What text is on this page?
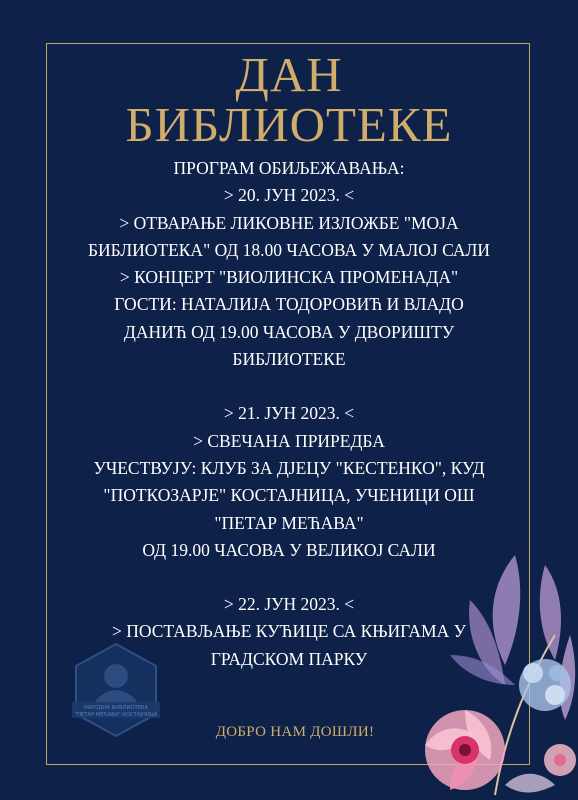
ДАН
БИБЛИОТЕКЕ
ПРОГРАМ ОБИЉЕЖАВАЊА:
> 20. ЈУН 2023. <
> ОТВАРАЊЕ ЛИКОВНЕ ИЗЛОЖБЕ "МОЈА
БИБЛИОТЕКА" ОД 18.00 ЧАСОВА У МАЛОЈ САЛИ
> КОНЦЕРТ "ВИОЛИНСКА ПРОМЕНАДА"
ГОСТИ: НАТАЛИЈА ТОДОРОВИЋ И ВЛАДО
ДАНИЋ ОД 19.00 ЧАСОВА У ДВОРИШТУ
БИБЛИОТЕКЕ
> 21. ЈУН 2023. <
> СВЕЧАНА ПРИРЕДБА
УЧЕСТВУЈУ: КЛУБ ЗА ДЈЕЦУ "КЕСТЕНКО", КУД
"ПОТКОЗАРЈЕ" КОСТАЈНИЦА, УЧЕНИЦИ ОШ
"ПЕТАР МЕЋАВА"
ОД 19.00 ЧАСОВА У ВЕЛИКОЈ САЛИ
> 22. ЈУН 2023. <
> ПОСТАВЉАЊЕ КУЋИЦЕ СА КЊИГАМА У
ГРАДСКОМ ПАРКУ
ДОБРО НАМ ДОШЛИ!
НАРОДНА БИБЛИОТЕКА
"ПЕТАР МЕЋАВА" КОСТАЈНИЦА
